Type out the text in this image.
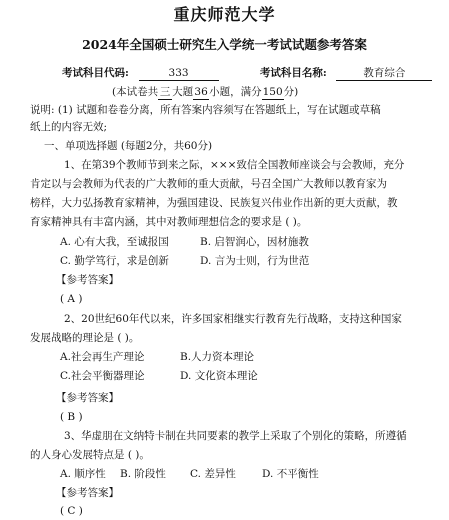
重庆师范大学
2024年全国硕士研究生入学统一考试试题参考答案
考试科目代码:	333	考试科目名称:	教育综合
(本试卷共 三 大题36小题，满分150分)
说明: (1) 试题和卷卷分离，所有答案内容须写在答题纸上，写在试题或草稿
纸上的内容无效;
一、单项选择题 (每题2分，共60分)
1、在第39个教师节到来之际，×××致信全国教师座谈会与会教师，充分
肯定以与会教师为代表的广大教师的重大贡献，号召全国广大教师以教育家为
榜样，大力弘扬教育家精神，为强国建设、民族复兴伟业作出新的更大贡献，教
育家精神具有丰富内涵，其中对教师理想信念的要求是 ( )。
A. 心有大我，至诚报国	B. 启智润心，因材施教
C. 勤学笃行，求是创新	D. 言为士则，行为世范
【参考答案】
( A )
2、20世纪60年代以来，许多国家相继实行教育先行战略，支持这种国家
发展战略的理论是 ( )。
A.社会再生产理论	B.人力资本理论
C.社会平衡器理论	D. 文化资本理论
【参考答案】
( B )
3、华虚朋在文纳特卡制在共同要素的教学上采取了个别化的策略，所遵循
的人身心发展特点是 ( )。
A. 顺序性 B. 阶段性 C. 差异性 D. 不平衡性
【参考答案】
( C )
